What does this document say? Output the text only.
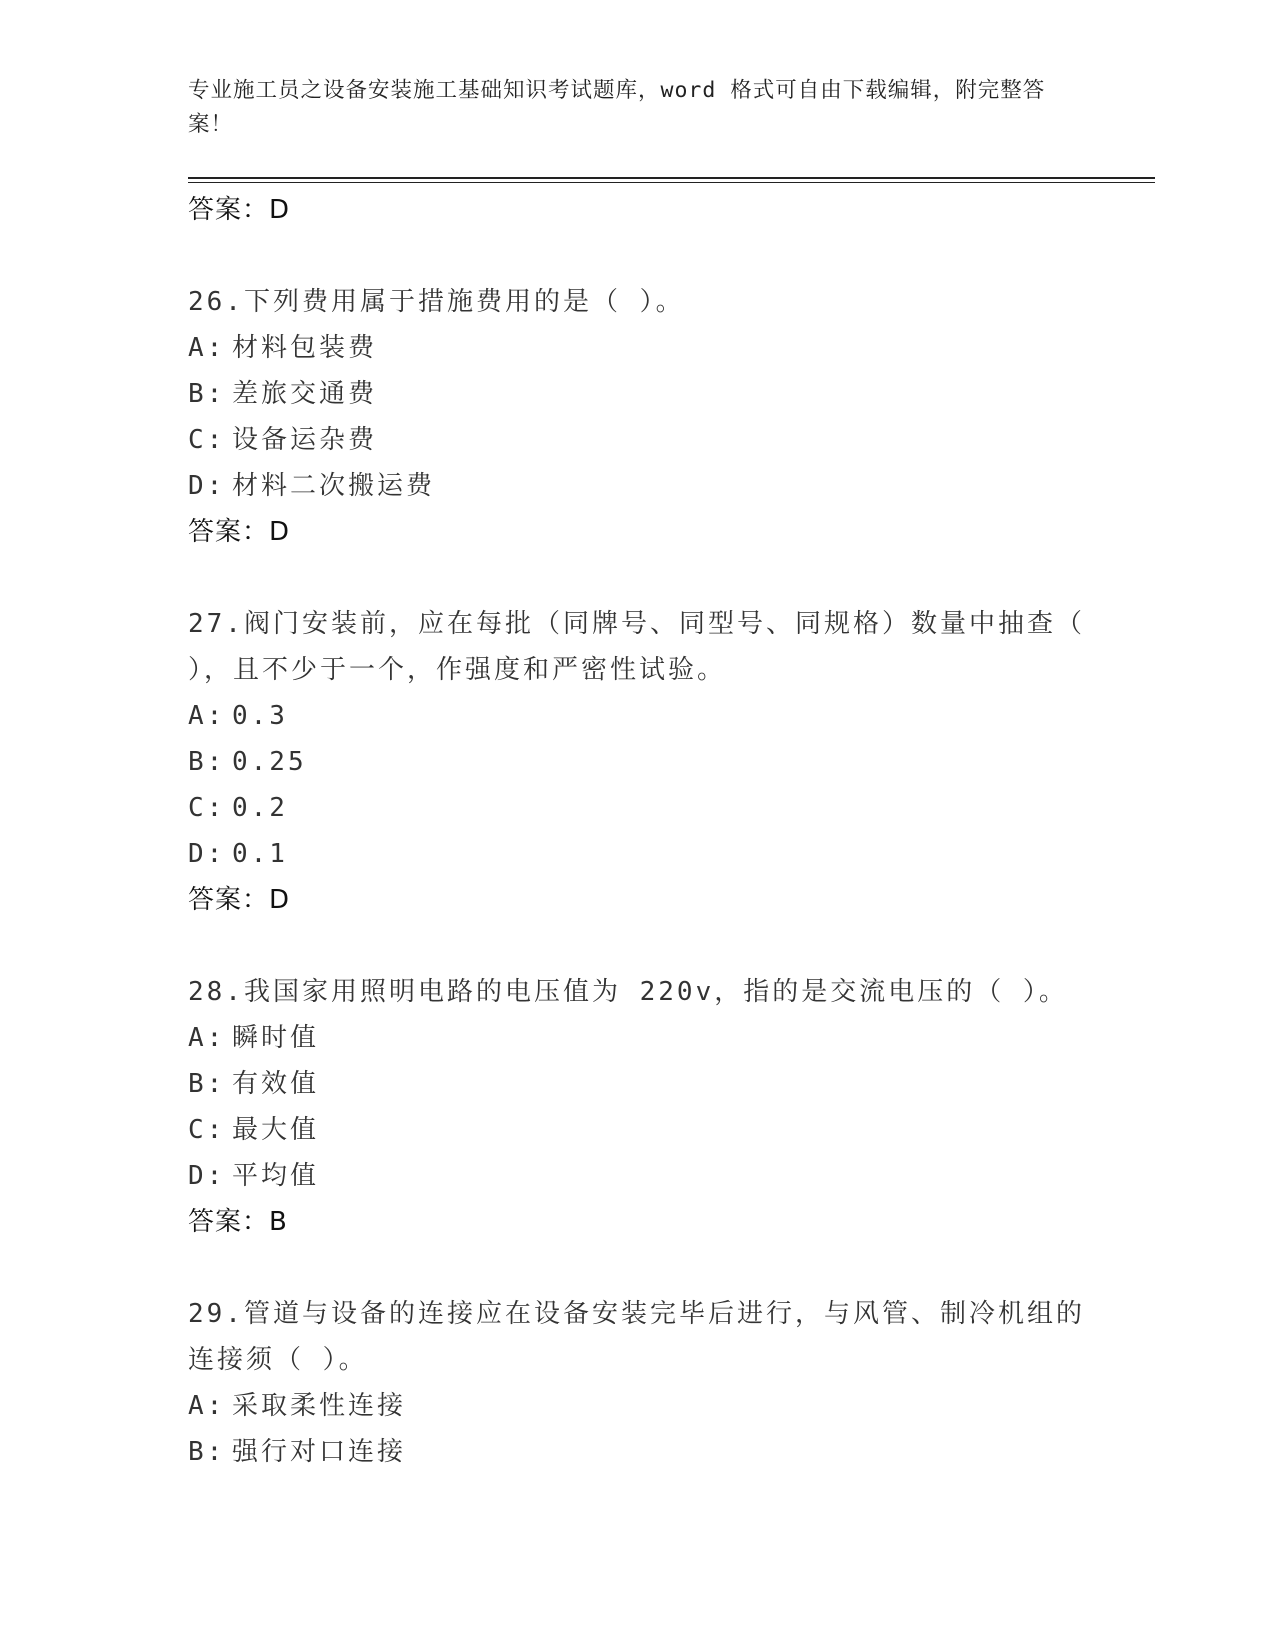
专业施工员之设备安装施工基础知识考试题库，word 格式可自由下载编辑，附完整答案！
答案：D
26.下列费用属于措施费用的是（ ）。
A: 材料包装费
B: 差旅交通费
C: 设备运杂费
D: 材料二次搬运费
答案：D
27.阀门安装前，应在每批（同牌号、同型号、同规格）数量中抽查（ ），且不少于一个，作强度和严密性试验。
A: 0.3
B: 0.25
C: 0.2
D: 0.1
答案：D
28.我国家用照明电路的电压值为 220v，指的是交流电压的（ ）。
A: 瞬时值
B: 有效值
C: 最大值
D: 平均值
答案：B
29.管道与设备的连接应在设备安装完毕后进行，与风管、制冷机组的连接须（ ）。
A: 采取柔性连接
B: 强行对口连接
